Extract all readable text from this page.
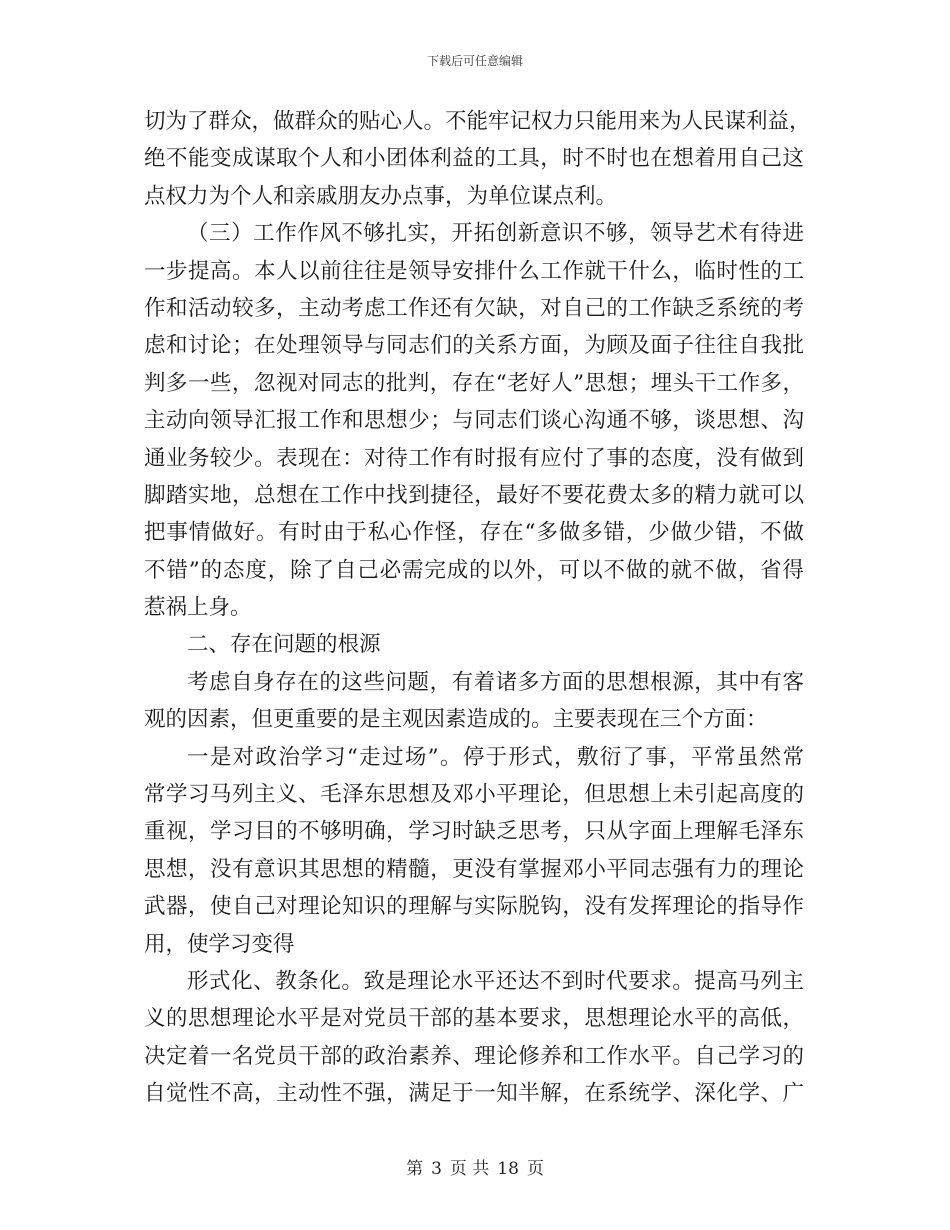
下载后可任意编辑
切为了群众，做群众的贴心人。不能牢记权力只能用来为人民谋利益，
绝不能变成谋取个人和小团体利益的工具，时不时也在想着用自己这
点权力为个人和亲戚朋友办点事，为单位谋点利。
（三）工作作风不够扎实，开拓创新意识不够，领导艺术有待进
一步提高。本人以前往往是领导安排什么工作就干什么，临时性的工
作和活动较多，主动考虑工作还有欠缺，对自己的工作缺乏系统的考
虑和讨论；在处理领导与同志们的关系方面，为顾及面子往往自我批
判多一些，忽视对同志的批判，存在“老好人”思想；埋头干工作多，
主动向领导汇报工作和思想少；与同志们谈心沟通不够，谈思想、沟
通业务较少。表现在：对待工作有时报有应付了事的态度，没有做到
脚踏实地，总想在工作中找到捷径，最好不要花费太多的精力就可以
把事情做好。有时由于私心作怪，存在“多做多错，少做少错，不做
不错”的态度，除了自己必需完成的以外，可以不做的就不做，省得
惹祸上身。
二、存在问题的根源
考虑自身存在的这些问题，有着诸多方面的思想根源，其中有客
观的因素，但更重要的是主观因素造成的。主要表现在三个方面：
一是对政治学习“走过场”。停于形式，敷衍了事，平常虽然常
常学习马列主义、毛泽东思想及邓小平理论，但思想上未引起高度的
重视，学习目的不够明确，学习时缺乏思考，只从字面上理解毛泽东
思想，没有意识其思想的精髓，更没有掌握邓小平同志强有力的理论
武器，使自己对理论知识的理解与实际脱钩，没有发挥理论的指导作
用，使学习变得
形式化、教条化。致是理论水平还达不到时代要求。提高马列主
义的思想理论水平是对党员干部的基本要求，思想理论水平的高低，
决定着一名党员干部的政治素养、理论修养和工作水平。自己学习的
自觉性不高，主动性不强，满足于一知半解，在系统学、深化学、广
第 3 页 共 18 页
